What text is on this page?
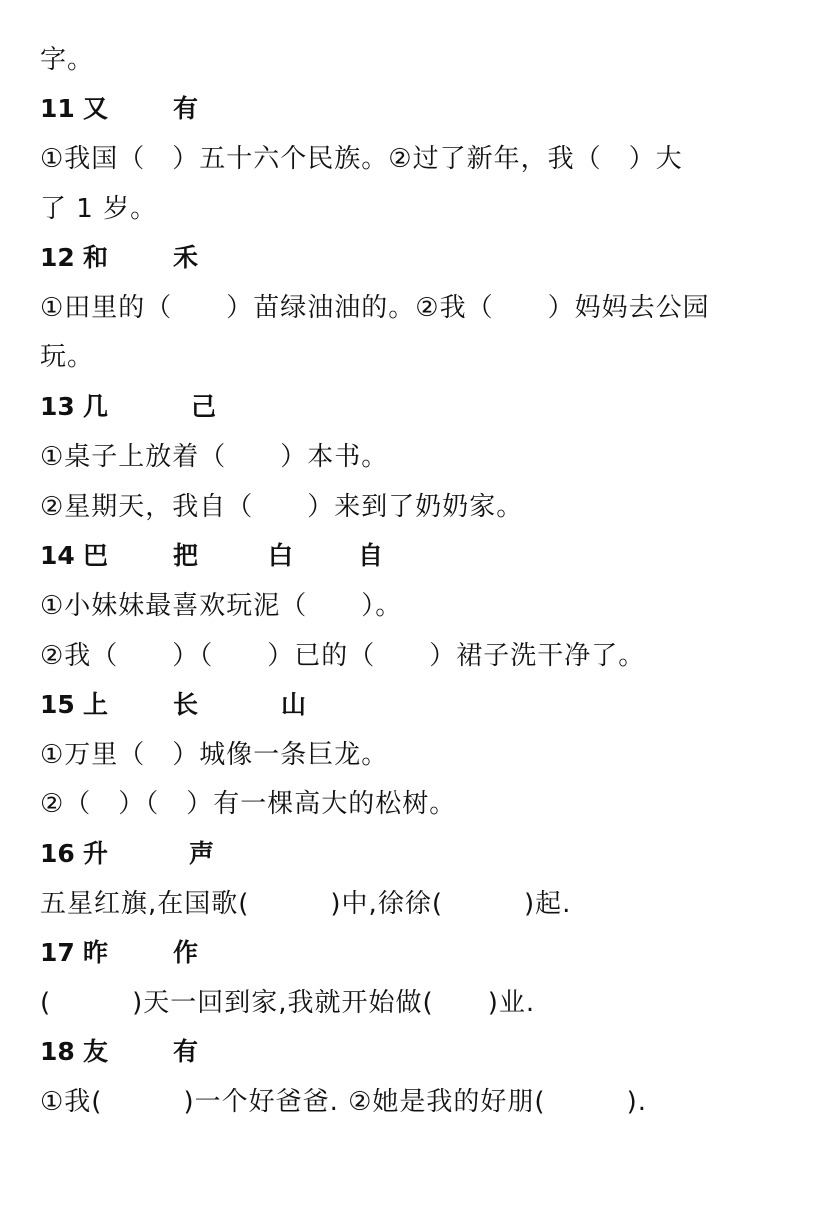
字。

11

又

	有

①我国（　）五十六个民族。②过了新年，我（　）大
了 1 岁。

12

和

	禾

①田里的（　　）苗绿油油的。②我（　　）妈妈去公园
玩。

13

几

	己

①桌子上放着（　　）本书。
②星期天，我自（　　）来到了奶奶家。

14

巴

	把

	白

	自

①小妹妹最喜欢玩泥（　　）。
②我（　　）（　　）已的（　　）裙子洗干净了。

15

上

	长

	山

①万里（　）城像一条巨龙。
②（　）（　）有一棵高大的松树。

16

升

	声

五星红旗,在国歌(　　　)中,徐徐(　　　)起.

17

昨

	作

(　　　)天一回到家,我就开始做(　　)业.

18

友

	有

①我(　　　)一个好爸爸. ②她是我的好朋(　　　).
